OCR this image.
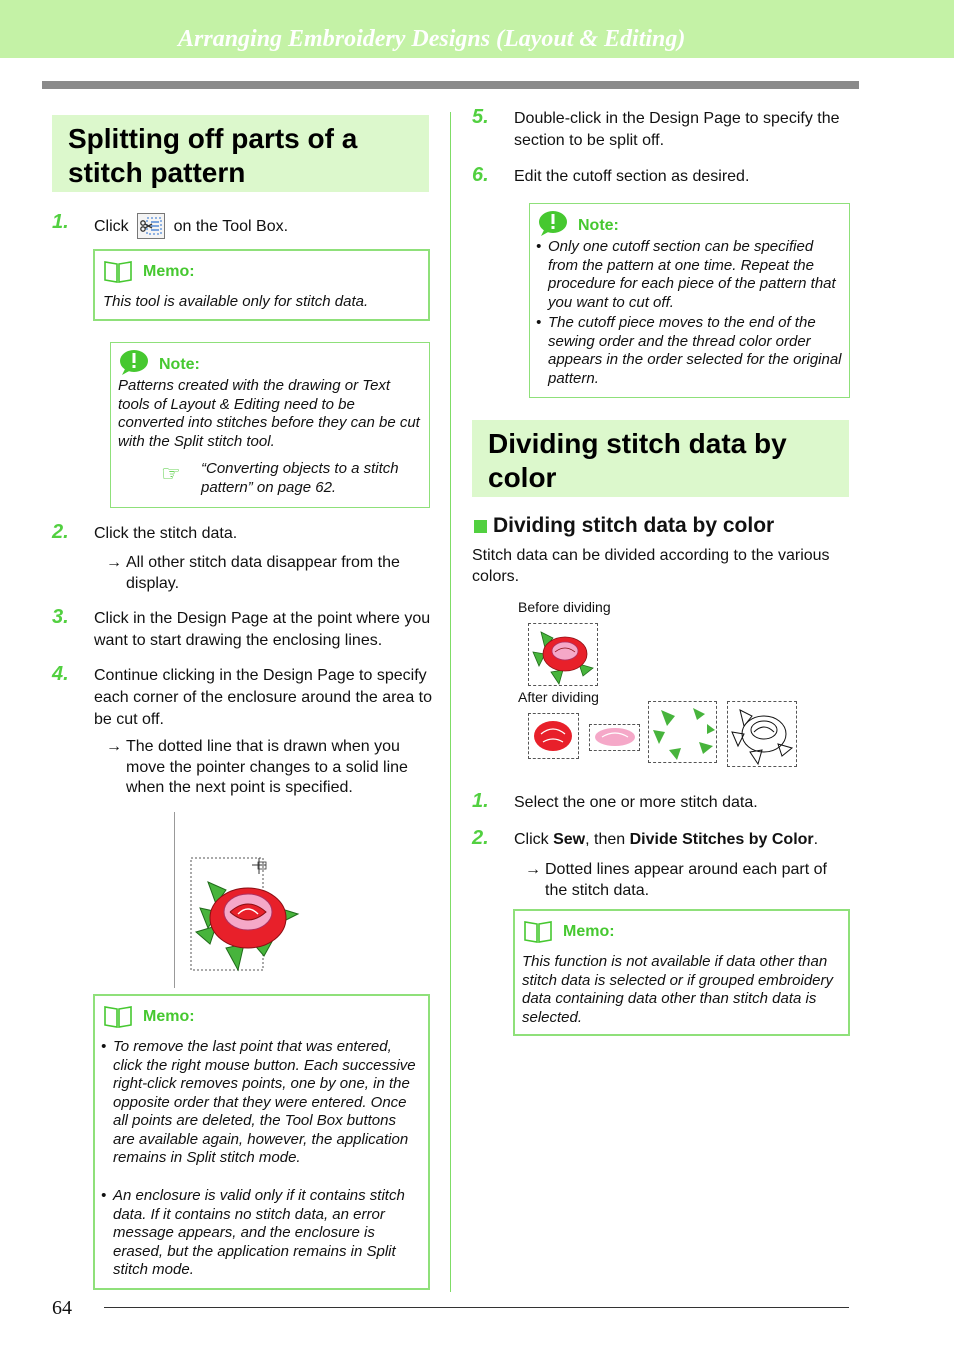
Arranging Embroidery Designs (Layout & Editing)
Splitting off parts of a stitch pattern
1. Click	on the Tool Box.
Memo:
This tool is available only for stitch data.
Note:
Patterns created with the drawing or Text tools of Layout & Editing need to be converted into stitches before they can be cut with the Split stitch tool.
☞ “Converting objects to a stitch pattern” on page 62.
2. Click the stitch data.
→ All other stitch data disappear from the display.
3. Click in the Design Page at the point where you want to start drawing the enclosing lines.
4. Continue clicking in the Design Page to specify each corner of the enclosure around the area to be cut off.
→ The dotted line that is drawn when you move the pointer changes to a solid line when the next point is specified.
Memo:
• To remove the last point that was entered, click the right mouse button. Each successive right-click removes points, one by one, in the opposite order that they were entered. Once all points are deleted, the Tool Box buttons are available again, however, the application remains in Split stitch mode.
• An enclosure is valid only if it contains stitch data. If it contains no stitch data, an error message appears, and the enclosure is erased, but the application remains in Split stitch mode.
5. Double-click in the Design Page to specify the section to be split off.
6. Edit the cutoff section as desired.
Note:
• Only one cutoff section can be specified from the pattern at one time. Repeat the procedure for each piece of the pattern that you want to cut off.
• The cutoff piece moves to the end of the sewing order and the thread color order appears in the order selected for the original pattern.
Dividing stitch data by color
Dividing stitch data by color
Stitch data can be divided according to the various colors.
Before dividing
After dividing
1. Select the one or more stitch data.
2. Click Sew, then Divide Stitches by Color.
→ Dotted lines appear around each part of the stitch data.
Memo:
This function is not available if data other than stitch data is selected or if grouped embroidery data containing data other than stitch data is selected.
64
